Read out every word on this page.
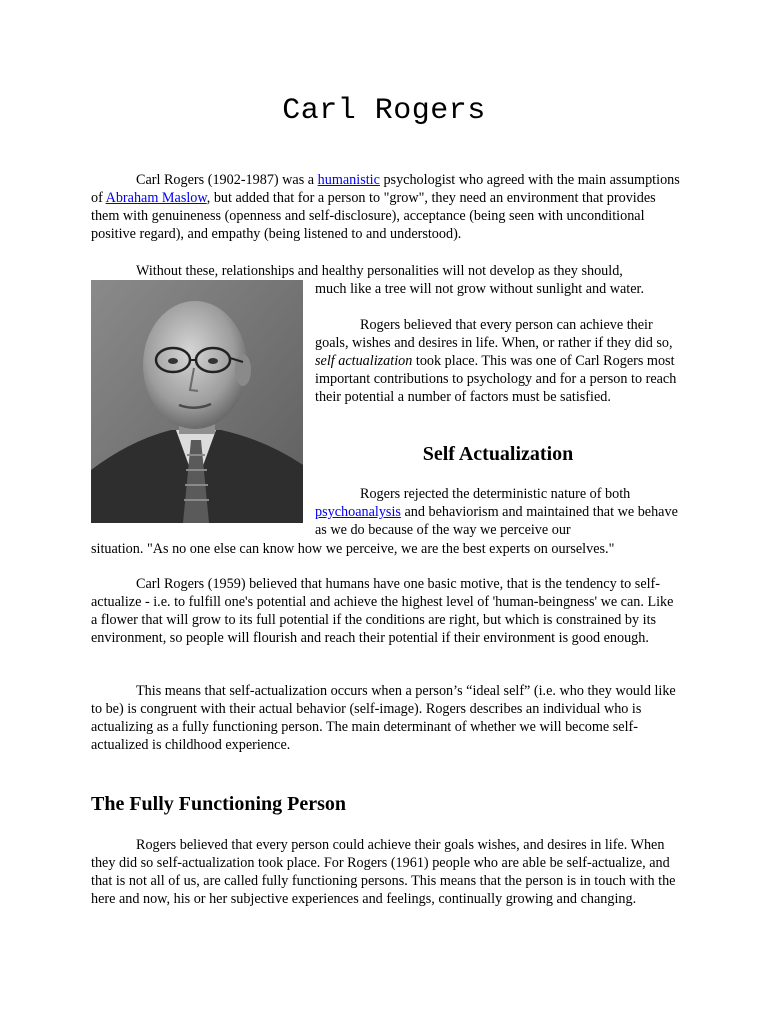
Carl Rogers

Carl Rogers (1902-1987) was a humanistic psychologist who agreed with the main assumptions of Abraham Maslow, but added that for a person to "grow", they need an environment that provides them with genuineness (openness and self-disclosure), acceptance (being seen with unconditional positive regard), and empathy (being listened to and understood).

Without these, relationships and healthy personalities will not develop as they should,

much like a tree will not grow without sunlight and water.

Rogers believed that every person can achieve their goals, wishes and desires in life. When, or rather if they did so, self actualization took place. This was one of Carl Rogers most important contributions to psychology and for a person to reach their potential a number of factors must be satisfied.

Self Actualization

Rogers rejected the deterministic nature of both psychoanalysis and behaviorism and maintained that we behave as we do because of the way we perceive our

situation. "As no one else can know how we perceive, we are the best experts on ourselves."

Carl Rogers (1959) believed that humans have one basic motive, that is the tendency to self-actualize - i.e. to fulfill one's potential and achieve the highest level of 'human-beingness' we can. Like a flower that will grow to its full potential if the conditions are right, but which is constrained by its environment, so people will flourish and reach their potential if their environment is good enough.

This means that self-actualization occurs when a person’s “ideal self” (i.e. who they would like to be) is congruent with their actual behavior (self-image). Rogers describes an individual who is actualizing as a fully functioning person. The main determinant of whether we will become self-actualized is childhood experience.

The Fully Functioning Person

Rogers believed that every person could achieve their goals wishes, and desires in life. When they did so self-actualization took place. For Rogers (1961) people who are able be self-actualize, and that is not all of us, are called fully functioning persons. This means that the person is in touch with the here and now, his or her subjective experiences and feelings, continually growing and changing.
